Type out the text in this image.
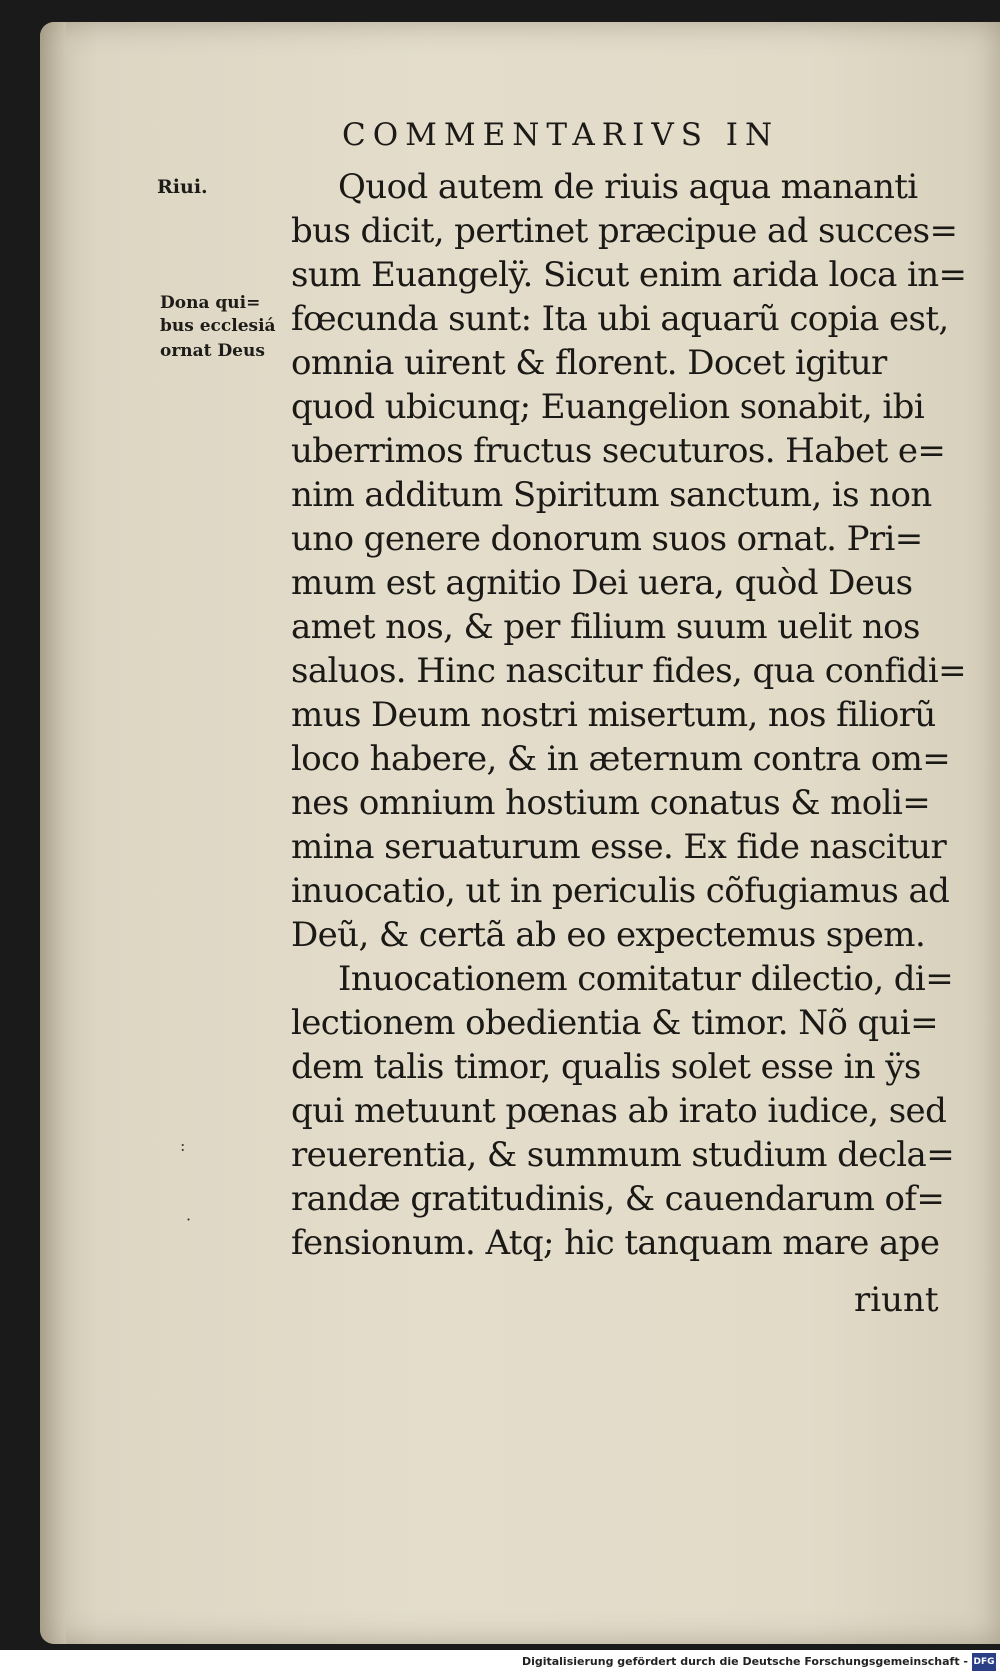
COMMENTARIVS IN
Riui.
Dona qui=
bus ecclesiá
ornat Deus
Quod autem de riuis aqua mananti
bus dicit, pertinet præcipue ad succes=
sum Euangelÿ. Sicut enim arida loca in=
fœcunda sunt: Ita ubi aquarũ copia est,
omnia uirent & florent. Docet igitur
quod ubicunq; Euangelion sonabit, ibi
uberrimos fructus secuturos. Habet e=
nim additum Spiritum sanctum, is non
uno genere donorum suos ornat. Pri=
mum est agnitio Dei uera, quòd Deus
amet nos, & per filium suum uelit nos
saluos. Hinc nascitur fides, qua confidi=
mus Deum nostri misertum, nos filiorũ
loco habere, & in æternum contra om=
nes omnium hostium conatus & moli=
mina seruaturum esse. Ex fide nascitur
inuocatio, ut in periculis cõfugiamus ad
Deũ, & certã ab eo expectemus spem.
Inuocationem comitatur dilectio, di=
lectionem obedientia & timor. Nõ qui=
dem talis timor, qualis solet esse in ÿs
qui metuunt pœnas ab irato iudice, sed
reuerentia, & summum studium decla=
randæ gratitudinis, & cauendarum of=
fensionum. Atq; hic tanquam mare ape
riunt
:
·
Digitalisierung gefördert durch die Deutsche Forschungsgemeinschaft - DFG
